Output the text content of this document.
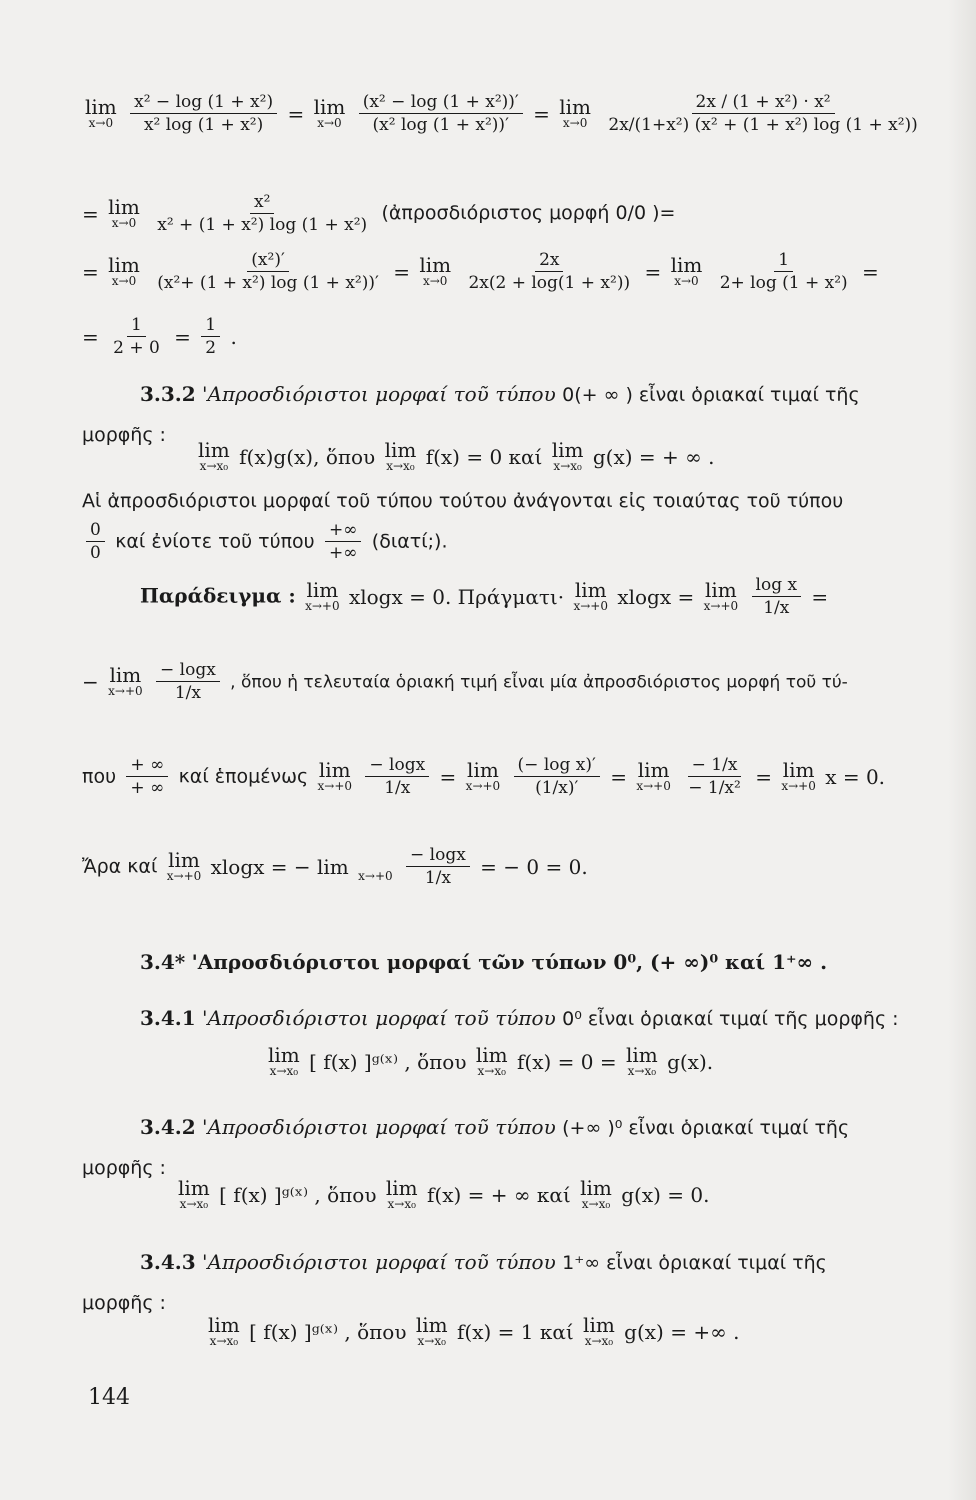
lim
x→0
$\frac{\text{x² − log (1 + x²)}}{\text{x² log (1 + x²)}} = \lim$
x→0
$\frac{\text{(x² − log (1 + x²))′}}{\text{(x² log (1 + x²))′}} = \lim$
x→0
$\frac{\text{2x / (1 + x²) · x²}}{\text{2x/(1+x²) (x² + (1 + x²) log (1 + x²))}}$
= lim
x→0
$\frac{\text{x²}}{\text{x² + (1 + x²) log (1 + x²)}}$ (ἀπροσδιόριστος μορφή 0/0 )=
= lim
x→0
$\frac{\text{(x²)′}}{\text{(x²+ (1 + x²) log (1 + x²))′}} = \lim$
x→0
$\frac{2x}{\text{2x(2 + log(1 + x²))}} = \lim$
x→0
$\frac{1}{\text{2+ log (1 + x²)}}$ =
= $\frac{1}{2 + 0} = \frac{1}{2}$ .
3.3.2 'Απροσδιόριστοι μορφαί τοῦ τύπου 0(+ ∞ ) εἶναι ὁριακαί τιμαί τῆς
μορφῆς :
lim
x→x₀ f(x)g(x), ὅπου lim
x→x₀ f(x) = 0 καί lim
x→x₀ g(x) = + ∞ .
Αἱ ἀπροσδιόριστοι μορφαί τοῦ τύπου τούτου ἀνάγονται εἰς τοιαύτας τοῦ τύπου
$\frac{0}{0}$ καί ἐνίοτε τοῦ τύπου $\frac{+\infty}{+\infty}$ (διατί;).
Παράδειγμα : lim
x→+0 xlogx = 0. Πράγματι· lim
x→+0 xlogx = lim
x→+0
$\frac{\text{log x}}{1/x}$ =
− lim
x→+0
$\frac{- \log x}{1/x}$ , ὅπου ἡ τελευταία ὁριακή τιμή εἶναι μία ἀπροσδιόριστος μορφή τοῦ τύ-
που $\frac{+ \infty}{+ \infty}$ καί ἑπομένως lim
x→+0
$\frac{- \log x}{1/x} = \lim$
x→+0
$\frac{\text{(− log x)′}}{(1/x)'} = \lim$
x→+0
$\frac{- 1/x}{\text{− 1/x²}} = \lim$
x→+0 x = 0.
Ἄρα καί lim
x→+0 xlogx = − lim
x→+0
$\frac{- \log x}{1/x}$ = − 0 = 0.
3.4* 'Απροσδιόριστοι μορφαί τῶν τύπων 0⁰, (+ ∞)⁰ καί 1⁺∞ .
3.4.1 'Απροσδιόριστοι μορφαί τοῦ τύπου 0⁰ εἶναι ὁριακαί τιμαί τῆς μορφῆς :
lim
x→x₀ [ f(x) ]ᵍ⁽ˣ⁾ , ὅπου lim
x→x₀ f(x) = 0 = lim
x→x₀ g(x).
3.4.2 'Απροσδιόριστοι μορφαί τοῦ τύπου (+∞ )⁰ εἶναι ὁριακαί τιμαί τῆς
μορφῆς :
lim
x→x₀ [ f(x) ]ᵍ⁽ˣ⁾ , ὅπου lim
x→x₀ f(x) = + ∞ καί lim
x→x₀ g(x) = 0.
3.4.3 'Απροσδιόριστοι μορφαί τοῦ τύπου 1⁺∞ εἶναι ὁριακαί τιμαί τῆς
μορφῆς :
lim
x→x₀ [ f(x) ]ᵍ⁽ˣ⁾ , ὅπου lim
x→x₀ f(x) = 1 καί lim
x→x₀ g(x) = +∞ .
144
